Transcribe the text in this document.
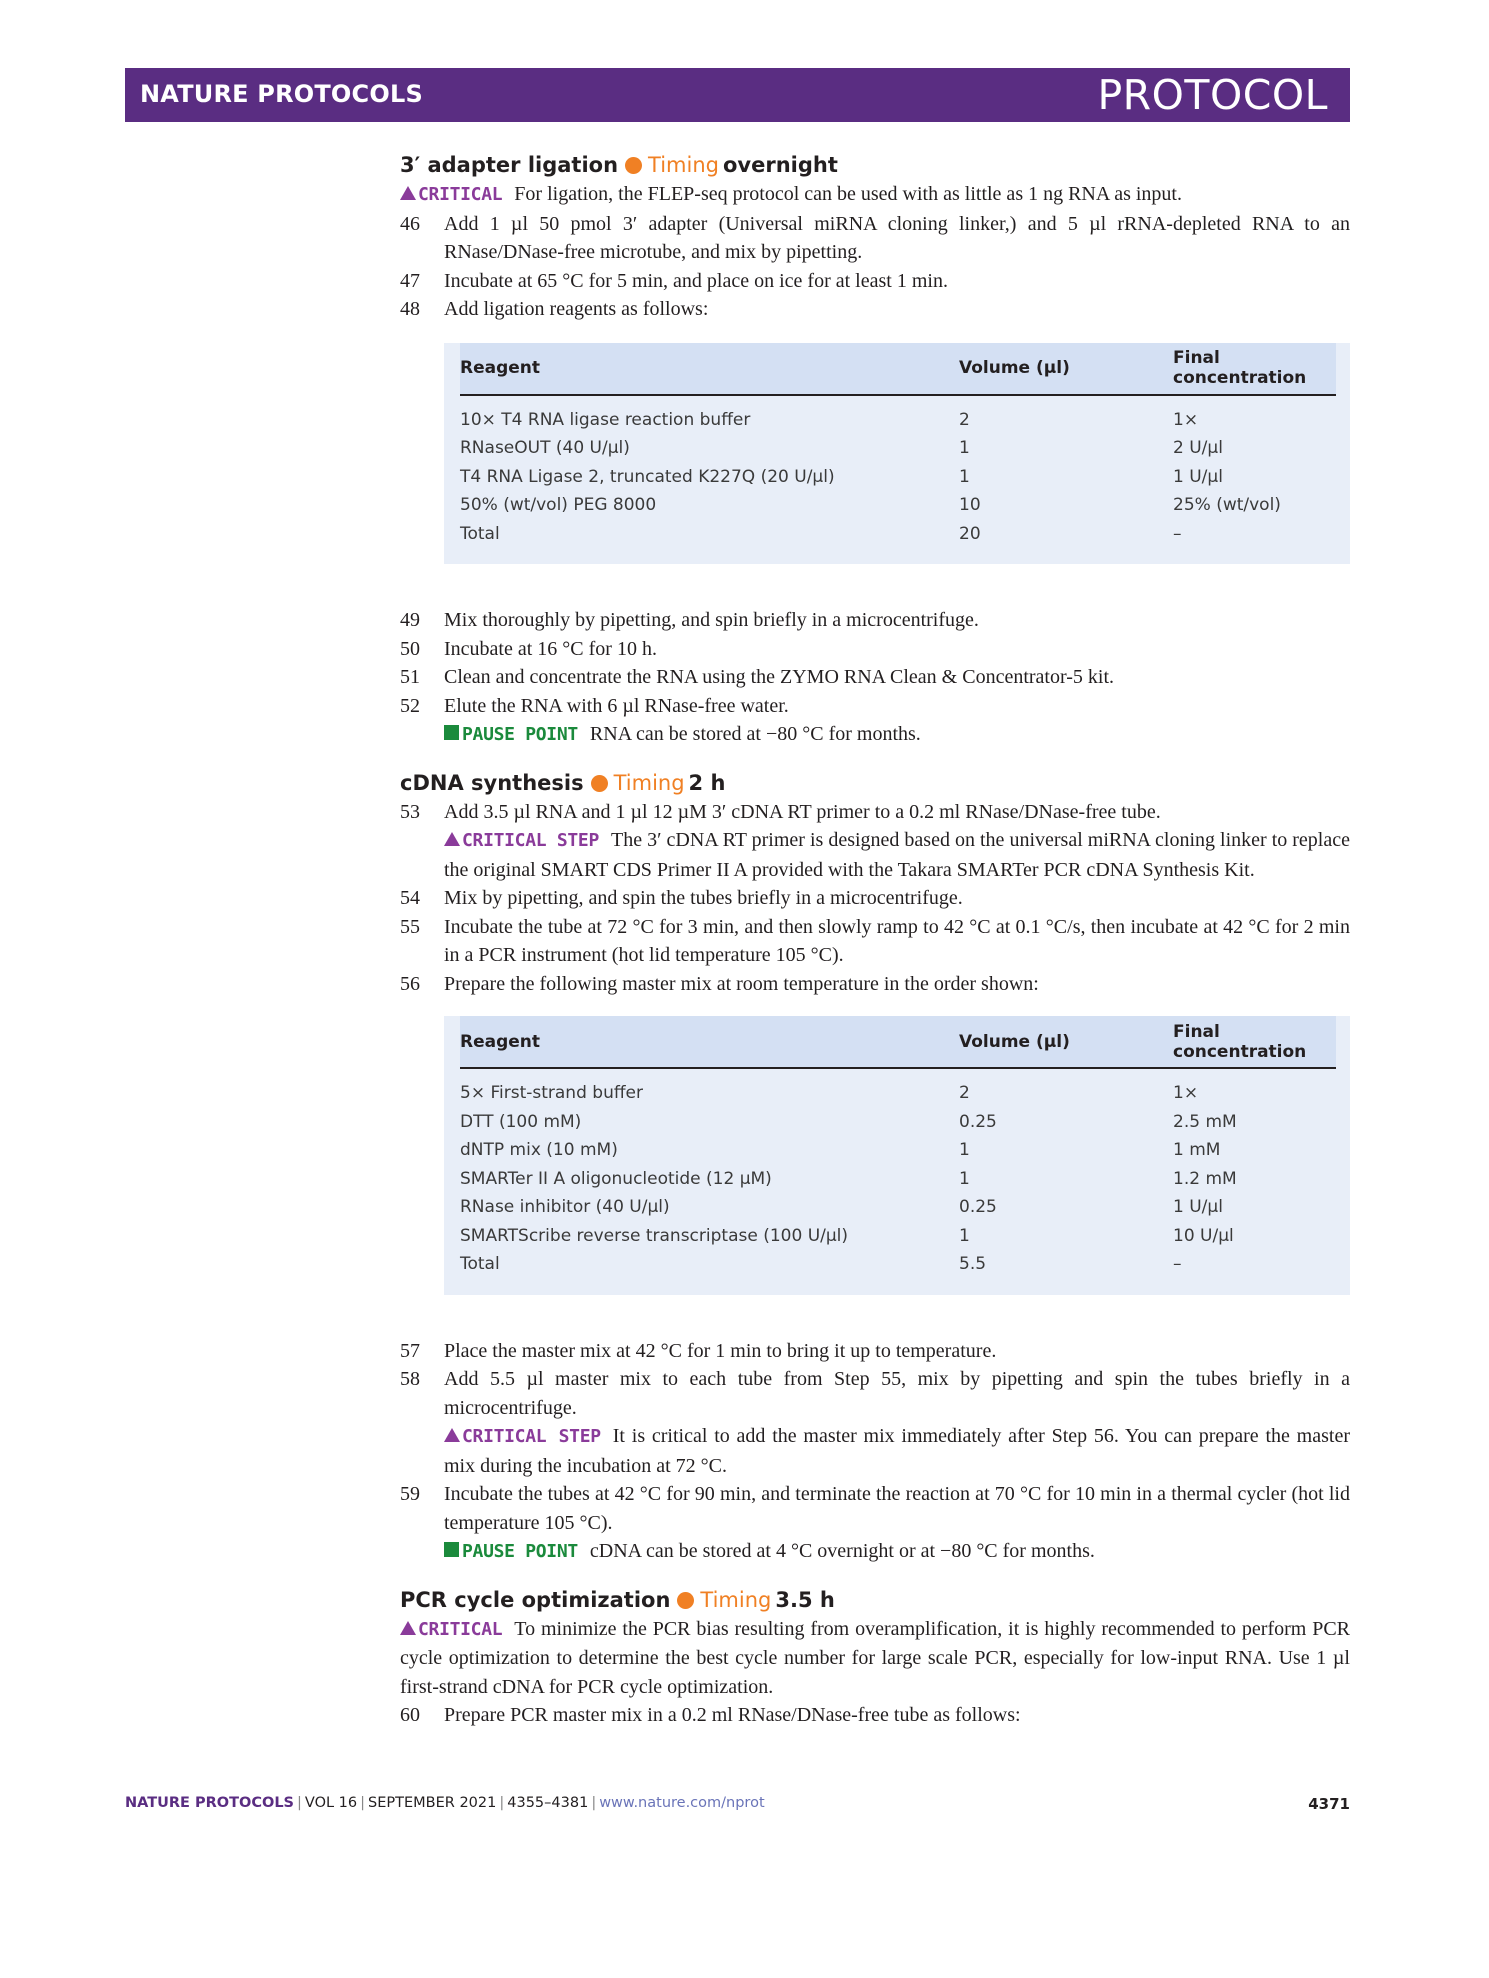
NATURE PROTOCOLS	PROTOCOL
3′ adapter ligation Timing overnight
CRITICAL For ligation, the FLEP-seq protocol can be used with as little as 1 ng RNA as input.
46 Add 1 µl 50 pmol 3′ adapter (Universal miRNA cloning linker,) and 5 µl rRNA-depleted RNA to an RNase/DNase-free microtube, and mix by pipetting.
47 Incubate at 65 °C for 5 min, and place on ice for at least 1 min.
48 Add ligation reagents as follows:
Reagent	Volume (µl)	Final concentration
10× T4 RNA ligase reaction buffer	2	1×
RNaseOUT (40 U/µl)	1	2 U/µl
T4 RNA Ligase 2, truncated K227Q (20 U/µl)	1	1 U/µl
50% (wt/vol) PEG 8000	10	25% (wt/vol)
Total	20	–
49 Mix thoroughly by pipetting, and spin briefly in a microcentrifuge.
50 Incubate at 16 °C for 10 h.
51 Clean and concentrate the RNA using the ZYMO RNA Clean & Concentrator-5 kit.
52 Elute the RNA with 6 µl RNase-free water.
PAUSE POINT RNA can be stored at −80 °C for months.
cDNA synthesis Timing 2 h
53 Add 3.5 µl RNA and 1 µl 12 µM 3′ cDNA RT primer to a 0.2 ml RNase/DNase-free tube.
CRITICAL STEP The 3′ cDNA RT primer is designed based on the universal miRNA cloning linker to replace the original SMART CDS Primer II A provided with the Takara SMARTer PCR cDNA Synthesis Kit.
54 Mix by pipetting, and spin the tubes briefly in a microcentrifuge.
55 Incubate the tube at 72 °C for 3 min, and then slowly ramp to 42 °C at 0.1 °C/s, then incubate at 42 °C for 2 min in a PCR instrument (hot lid temperature 105 °C).
56 Prepare the following master mix at room temperature in the order shown:
Reagent	Volume (µl)	Final concentration
5× First-strand buffer	2	1×
DTT (100 mM)	0.25	2.5 mM
dNTP mix (10 mM)	1	1 mM
SMARTer II A oligonucleotide (12 µM)	1	1.2 mM
RNase inhibitor (40 U/µl)	0.25	1 U/µl
SMARTScribe reverse transcriptase (100 U/µl)	1	10 U/µl
Total	5.5	–
57 Place the master mix at 42 °C for 1 min to bring it up to temperature.
58 Add 5.5 µl master mix to each tube from Step 55, mix by pipetting and spin the tubes briefly in a microcentrifuge.
CRITICAL STEP It is critical to add the master mix immediately after Step 56. You can prepare the master mix during the incubation at 72 °C.
59 Incubate the tubes at 42 °C for 90 min, and terminate the reaction at 70 °C for 10 min in a thermal cycler (hot lid temperature 105 °C).
PAUSE POINT cDNA can be stored at 4 °C overnight or at −80 °C for months.
PCR cycle optimization Timing 3.5 h
CRITICAL To minimize the PCR bias resulting from overamplification, it is highly recommended to perform PCR cycle optimization to determine the best cycle number for large scale PCR, especially for low-input RNA. Use 1 µl first-strand cDNA for PCR cycle optimization.
60 Prepare PCR master mix in a 0.2 ml RNase/DNase-free tube as follows:
NATURE PROTOCOLS | VOL 16 | SEPTEMBER 2021 | 4355–4381 | www.nature.com/nprot	4371
